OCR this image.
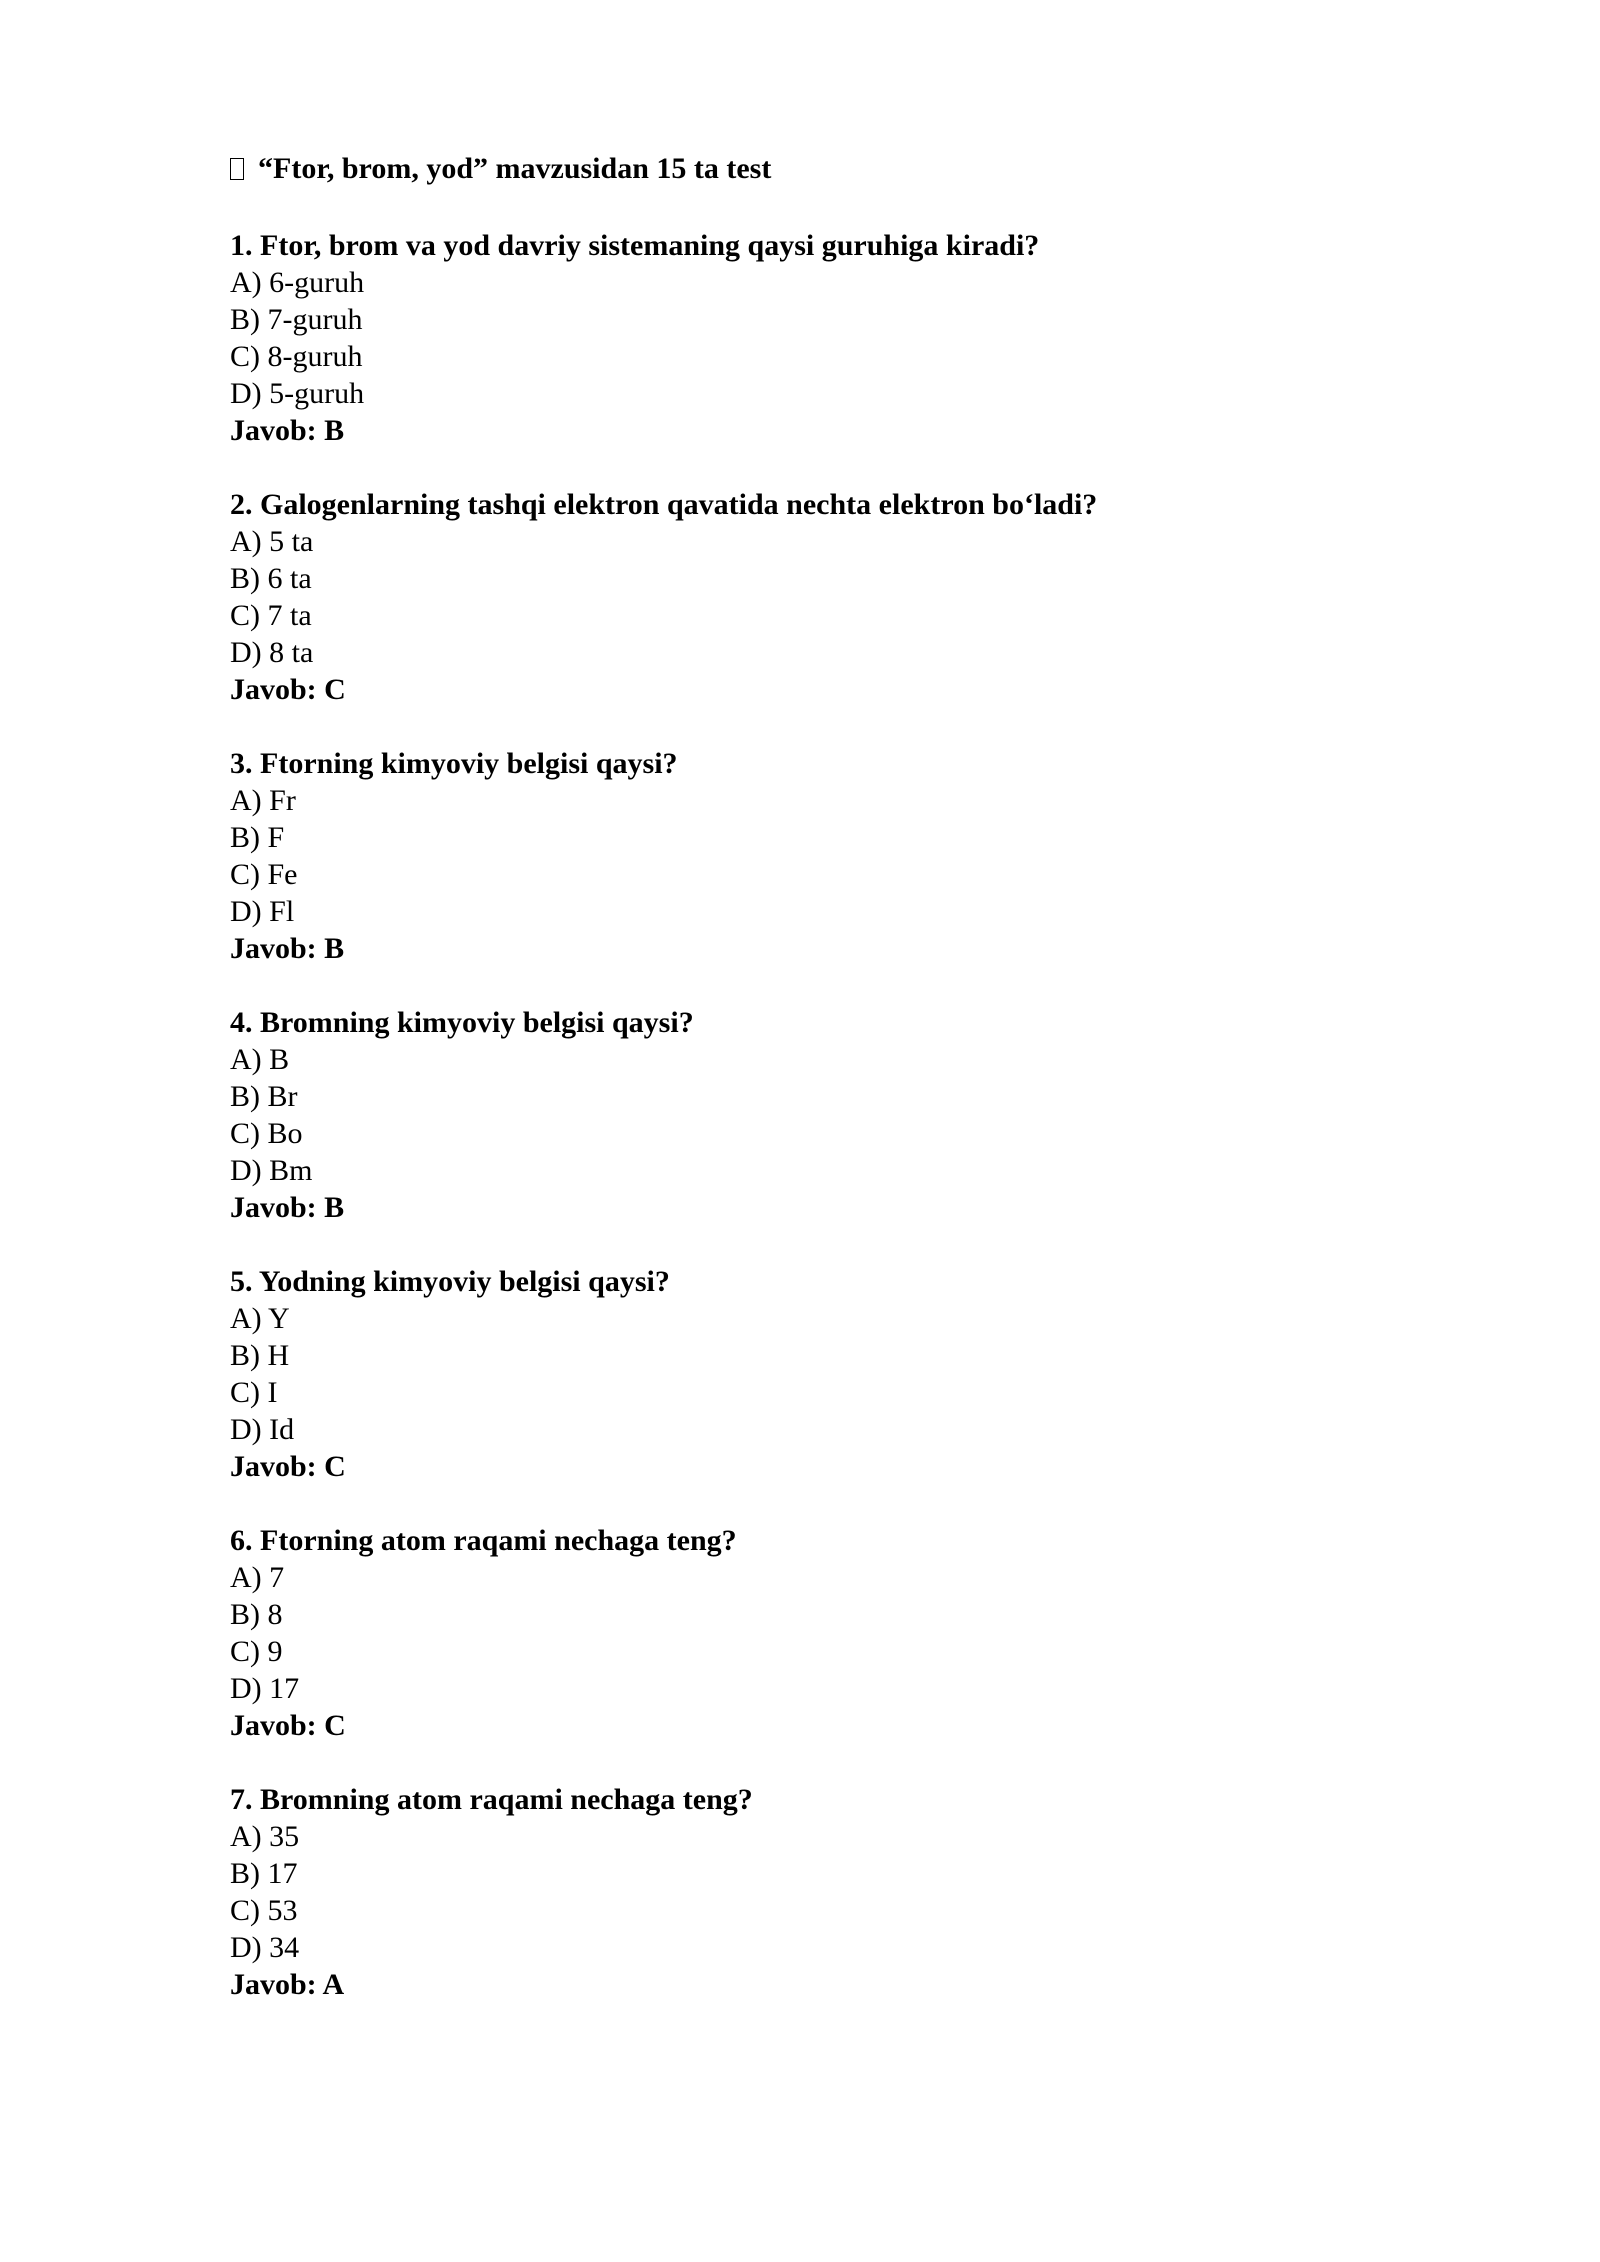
“Ftor, brom, yod” mavzusidan 15 ta test
1. Ftor, brom va yod davriy sistemaning qaysi guruhiga kiradi?
A) 6-guruh
B) 7-guruh
C) 8-guruh
D) 5-guruh
Javob: B
2. Galogenlarning tashqi elektron qavatida nechta elektron bo‘ladi?
A) 5 ta
B) 6 ta
C) 7 ta
D) 8 ta
Javob: C
3. Ftorning kimyoviy belgisi qaysi?
A) Fr
B) F
C) Fe
D) Fl
Javob: B
4. Bromning kimyoviy belgisi qaysi?
A) B
B) Br
C) Bo
D) Bm
Javob: B
5. Yodning kimyoviy belgisi qaysi?
A) Y
B) H
C) I
D) Id
Javob: C
6. Ftorning atom raqami nechaga teng?
A) 7
B) 8
C) 9
D) 17
Javob: C
7. Bromning atom raqami nechaga teng?
A) 35
B) 17
C) 53
D) 34
Javob: A
